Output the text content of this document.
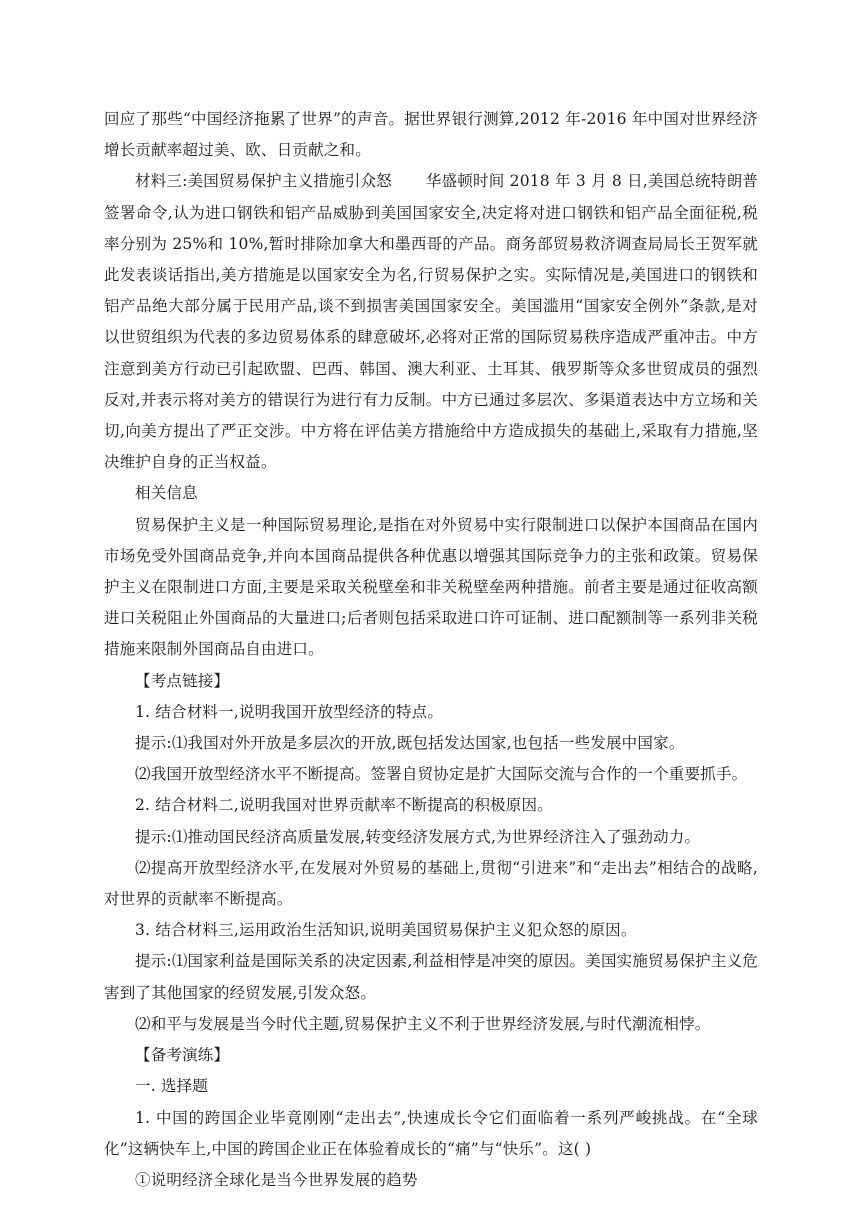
回应了那些“中国经济拖累了世界”的声音。据世界银行测算,2012 年-2016 年中国对世界经济增长贡献率超过美、欧、日贡献之和。

材料三:美国贸易保护主义措施引众怒 华盛顿时间 2018 年 3 月 8 日,美国总统特朗普签署命令,认为进口钢铁和铝产品威胁到美国国家安全,决定将对进口钢铁和铝产品全面征税,税率分别为 25%和 10%,暂时排除加拿大和墨西哥的产品。商务部贸易救济调查局局长王贺军就此发表谈话指出,美方措施是以国家安全为名,行贸易保护之实。实际情况是,美国进口的钢铁和铝产品绝大部分属于民用产品,谈不到损害美国国家安全。美国滥用“国家安全例外”条款,是对以世贸组织为代表的多边贸易体系的肆意破坏,必将对正常的国际贸易秩序造成严重冲击。中方注意到美方行动已引起欧盟、巴西、韩国、澳大利亚、土耳其、俄罗斯等众多世贸成员的强烈反对,并表示将对美方的错误行为进行有力反制。中方已通过多层次、多渠道表达中方立场和关切,向美方提出了严正交涉。中方将在评估美方措施给中方造成损失的基础上,采取有力措施,坚决维护自身的正当权益。

相关信息

贸易保护主义是一种国际贸易理论,是指在对外贸易中实行限制进口以保护本国商品在国内市场免受外国商品竞争,并向本国商品提供各种优惠以增强其国际竞争力的主张和政策。贸易保护主义在限制进口方面,主要是采取关税壁垒和非关税壁垒两种措施。前者主要是通过征收高额进口关税阻止外国商品的大量进口;后者则包括采取进口许可证制、进口配额制等一系列非关税措施来限制外国商品自由进口。

【考点链接】

1. 结合材料一,说明我国开放型经济的特点。

提示:⑴我国对外开放是多层次的开放,既包括发达国家,也包括一些发展中国家。

⑵我国开放型经济水平不断提高。签署自贸协定是扩大国际交流与合作的一个重要抓手。

2. 结合材料二,说明我国对世界贡献率不断提高的积极原因。

提示:⑴推动国民经济高质量发展,转变经济发展方式,为世界经济注入了强劲动力。

⑵提高开放型经济水平,在发展对外贸易的基础上,贯彻“引进来”和“走出去”相结合的战略,对世界的贡献率不断提高。

3. 结合材料三,运用政治生活知识,说明美国贸易保护主义犯众怒的原因。

提示:⑴国家利益是国际关系的决定因素,利益相悖是冲突的原因。美国实施贸易保护主义危害到了其他国家的经贸发展,引发众怒。

⑵和平与发展是当今时代主题,贸易保护主义不利于世界经济发展,与时代潮流相悖。

【备考演练】

一. 选择题

1. 中国的跨国企业毕竟刚刚“走出去”,快速成长令它们面临着一系列严峻挑战。在“全球化”这辆快车上,中国的跨国企业正在体验着成长的“痛”与“快乐”。这( )

①说明经济全球化是当今世界发展的趋势
